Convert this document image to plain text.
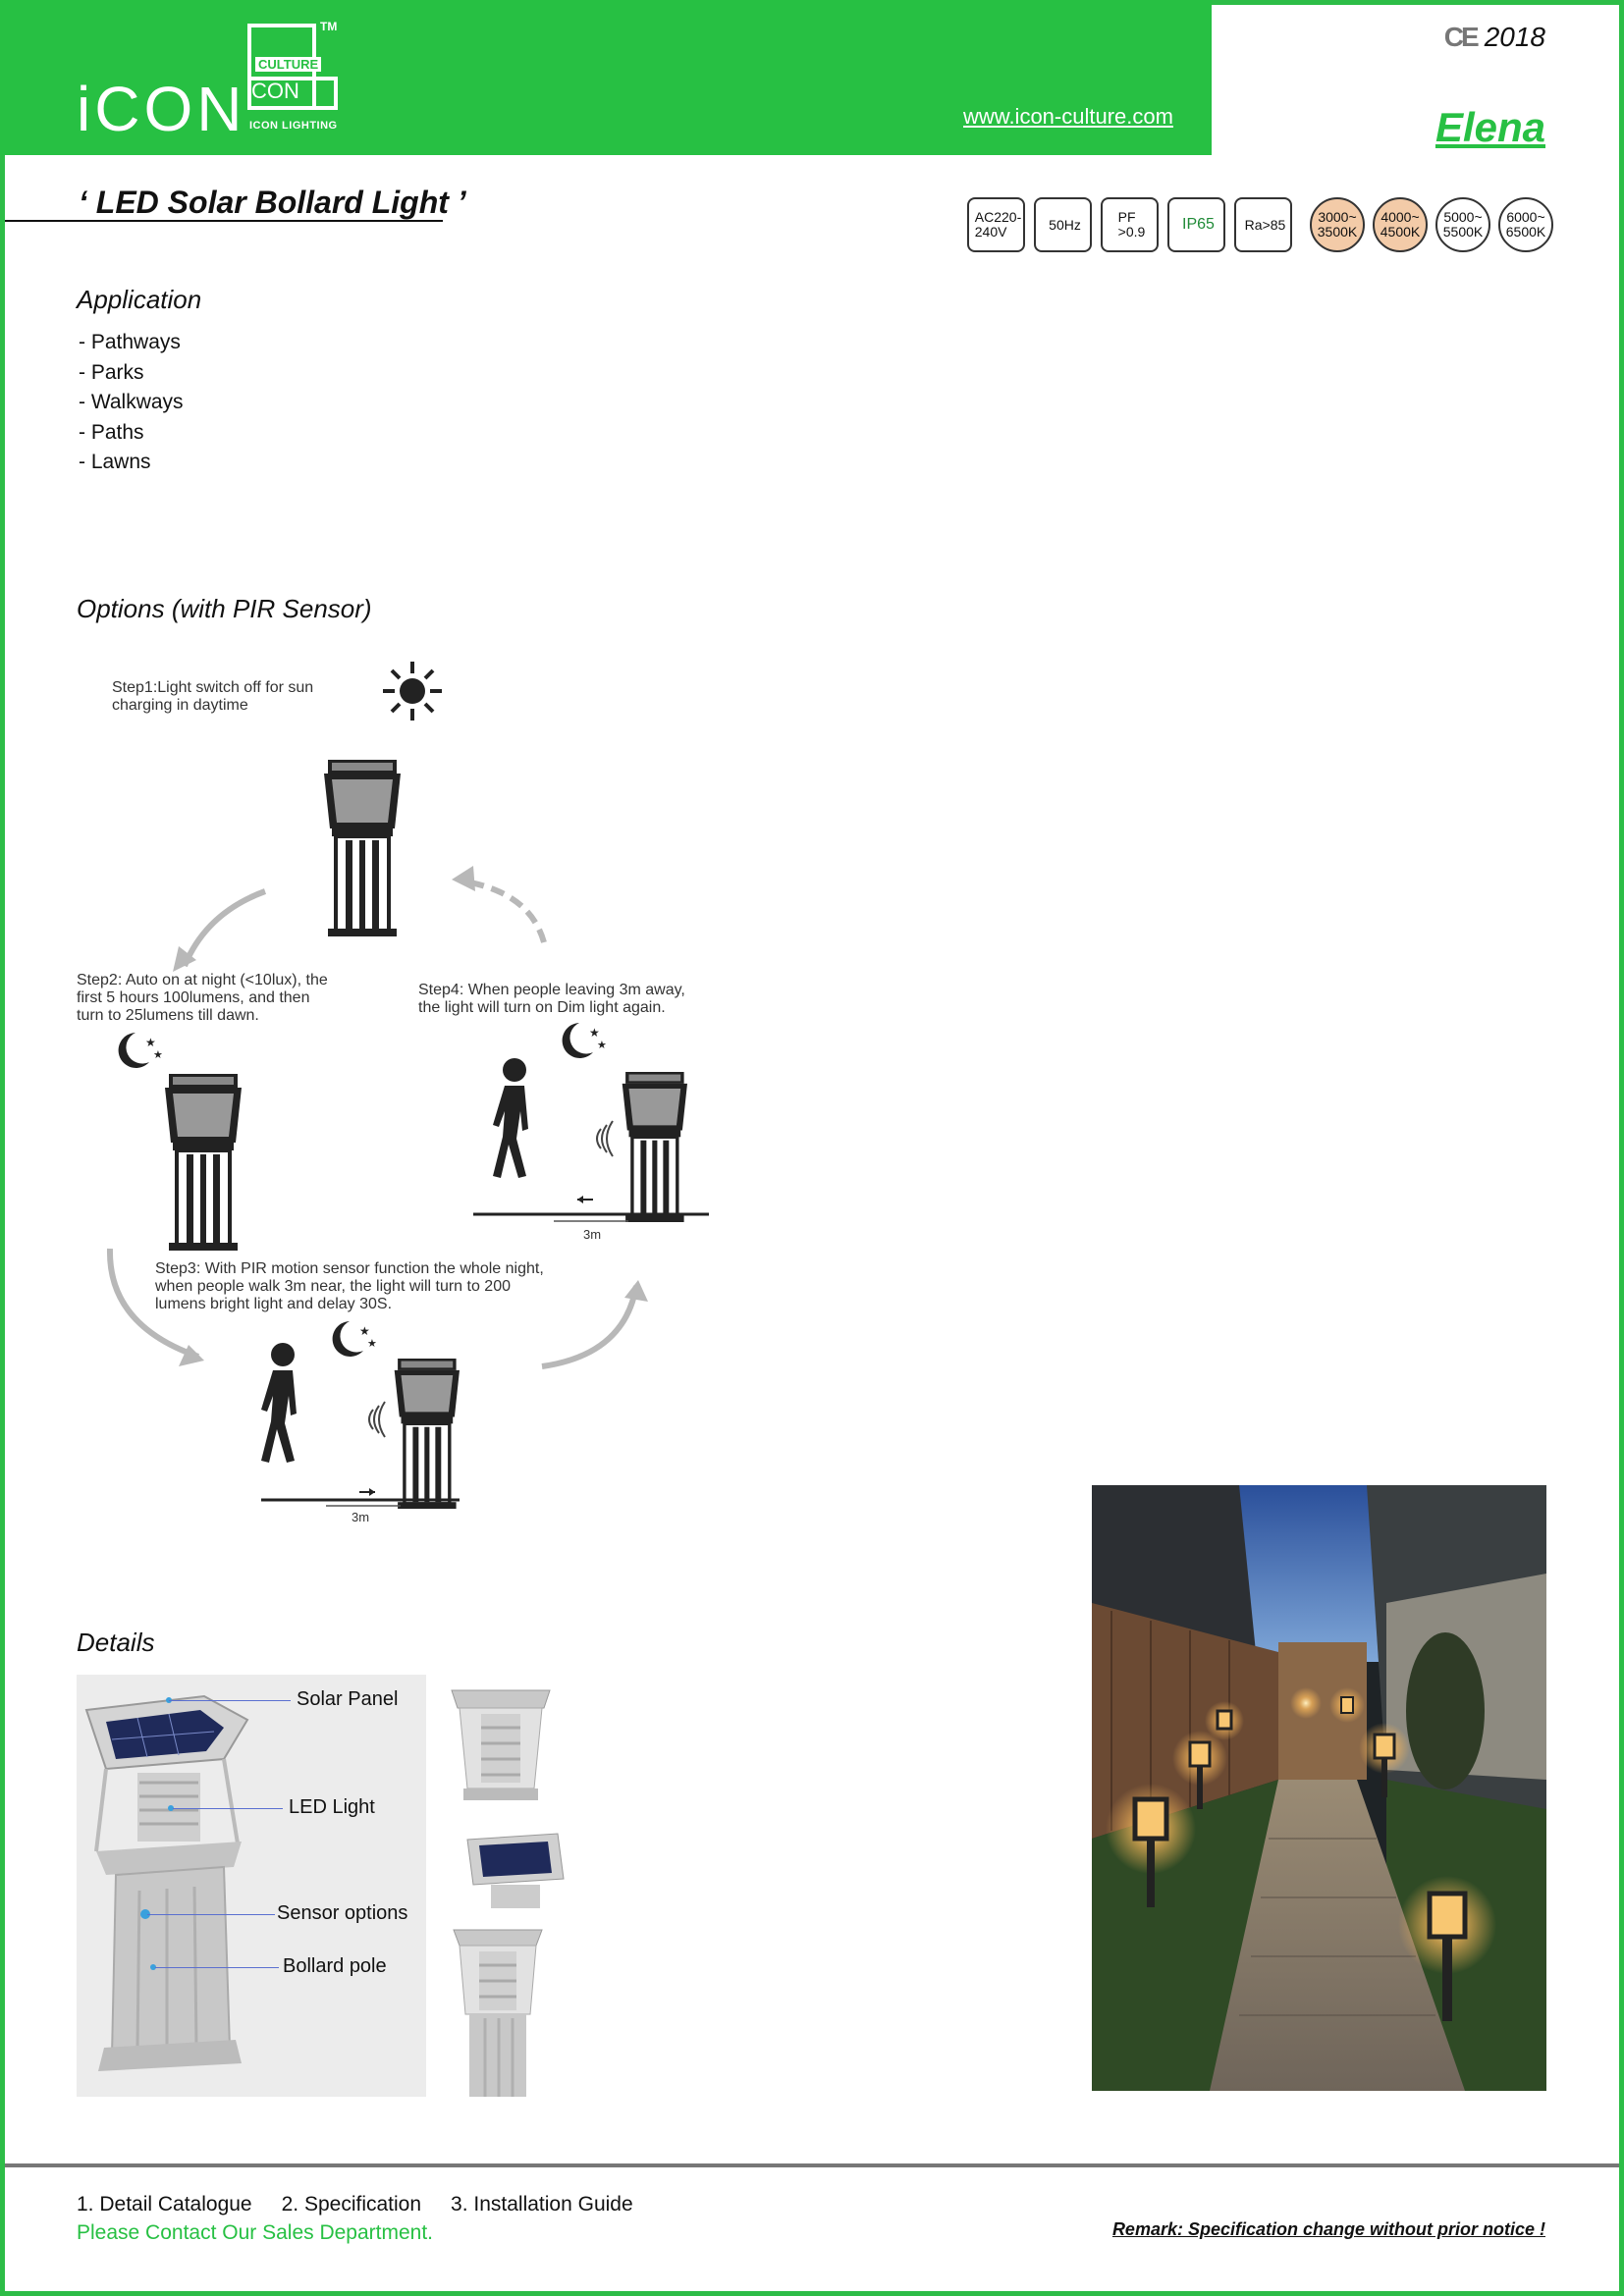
iCON
CULTURE
CON
TM
ICON LIGHTING	www.icon-culture.com
CE 2018
Elena
‘ LED Solar Bollard Light ’	AC220-
240V	50Hz	PF
>0.9	IP65	Ra>85	3000~
3500K
4000~
4500K
5000~
5500K
6000~
6500K
Application
- Pathways
- Parks
- Walkways
- Paths
- Lawns
Options (with PIR Sensor)
Step1:Light switch off for sun
charging in daytime
Step2: Auto on at night (<10lux), the
first 5 hours 100lumens, and then
turn to 25lumens till dawn.
Step4: When people leaving 3m away,
the light will turn on Dim light again.
Step3: With PIR motion sensor function the whole night,
when people walk 3m near, the light will turn to 200
lumens bright light and delay 30S.
★
★
3m
3m
Details
Solar Panel
LED Light
Sensor options
Bollard pole
1. Detail Catalogue 2. Specification 3. Installation Guide
Please Contact Our Sales Department.	Remark: Specification change without prior notice !
